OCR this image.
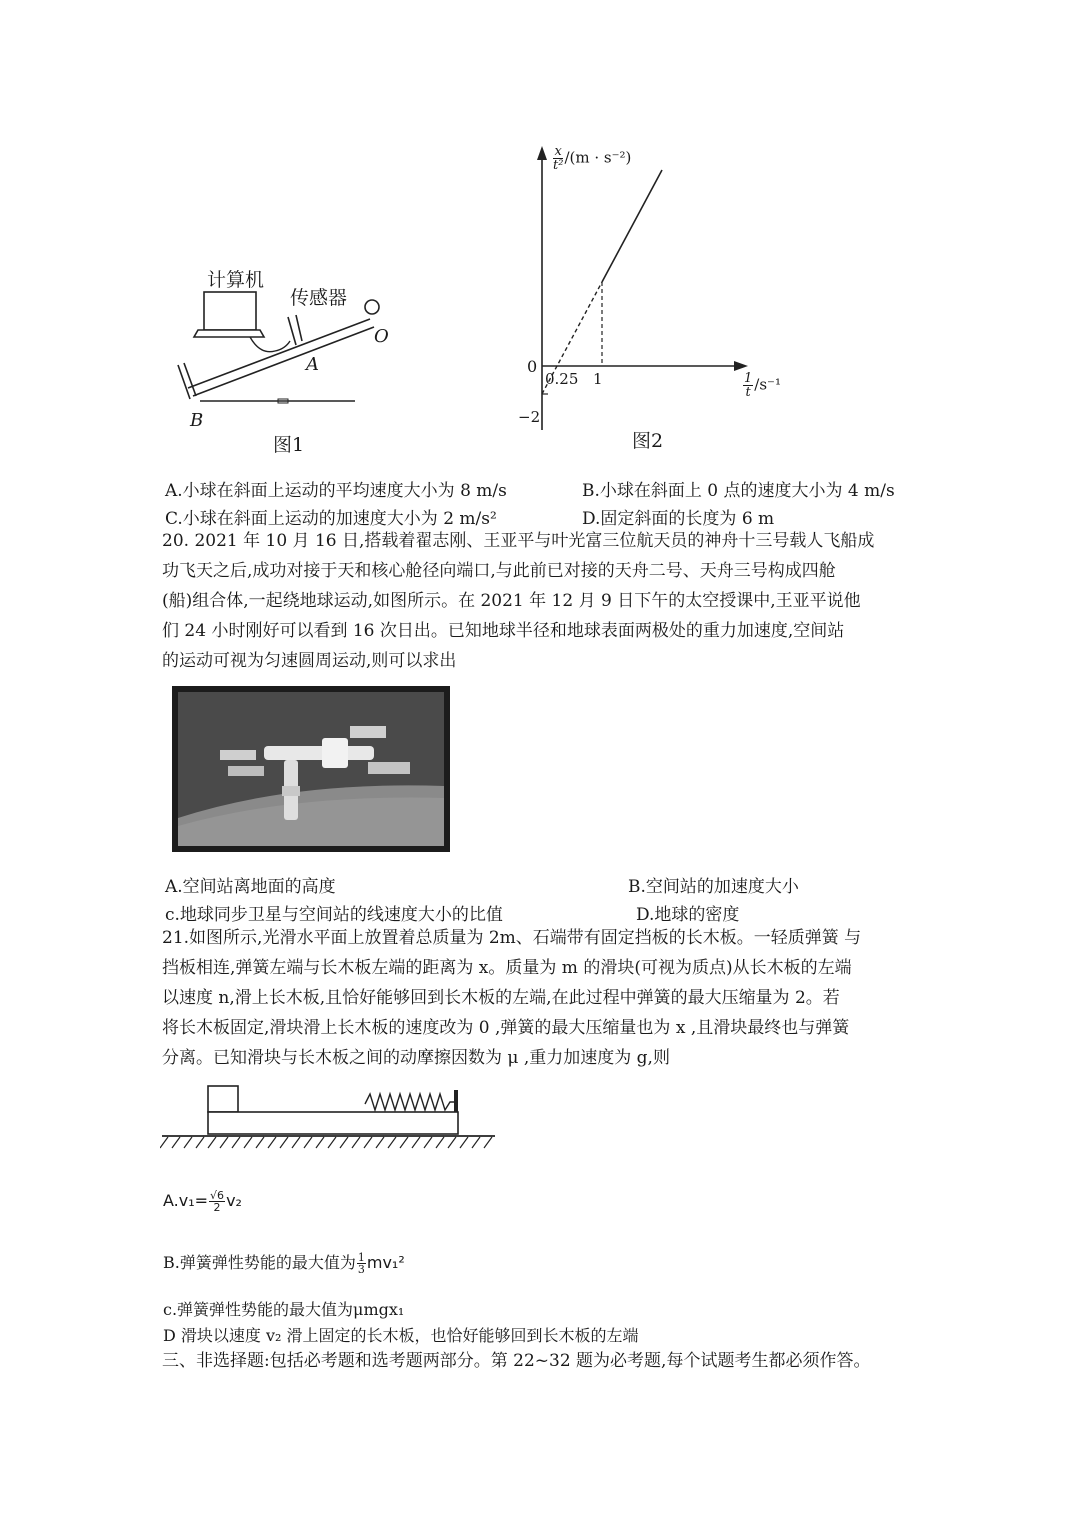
计算机
传感器
O
A
B
图1
$\frac{x}{\text{t²}} /(m \cdot s^{-2})$
$\frac{1}{t} /s^{-1}$
0
0.25 1
−2
图2
A.小球在斜面上运动的平均速度大小为 8 m/s	B.小球在斜面上 0 点的速度大小为 4 m/s
C.小球在斜面上运动的加速度大小为 2 m/s²	D.固定斜面的长度为 6 m
20. 2021 年 10 月 16 日,搭载着翟志刚、王亚平与叶光富三位航天员的神舟十三号载人飞船成
功飞天之后,成功对接于天和核心舱径向端口,与此前已对接的天舟二号、天舟三号构成四舱
(船)组合体,一起绕地球运动,如图所示。在 2021 年 12 月 9 日下午的太空授课中,王亚平说他
们 24 小时刚好可以看到 16 次日出。已知地球半径和地球表面两极处的重力加速度,空间站
的运动可视为匀速圆周运动,则可以求出
A.空间站离地面的高度	B.空间站的加速度大小
c.地球同步卫星与空间站的线速度大小的比值	D.地球的密度
21.如图所示,光滑水平面上放置着总质量为 2m、石端带有固定挡板的长木板。一轻质弹簧 与
挡板相连,弹簧左端与长木板左端的距离为 x。质量为 m 的滑块(可视为质点)从长木板的左端
以速度 n,滑上长木板,且恰好能够回到长木板的左端,在此过程中弹簧的最大压缩量为 2。若
将长木板固定,滑块滑上长木板的速度改为 0 ,弹簧的最大压缩量也为 x ,且滑块最终也与弹簧
分离。已知滑块与长木板之间的动摩擦因数为 μ ,重力加速度为 g,则
$A.v_1= \frac{√6}{2} v_2$
B.弹簧弹性势能的最大值为 $\frac{1}{3} mv_1^2$
c.弹簧弹性势能的最大值为μmgx₁
D 滑块以速度 v₂ 滑上固定的长木板，也恰好能够回到长木板的左端
三、非选择题:包括必考题和选考题两部分。第 22~32 题为必考题,每个试题考生都必须作答。
